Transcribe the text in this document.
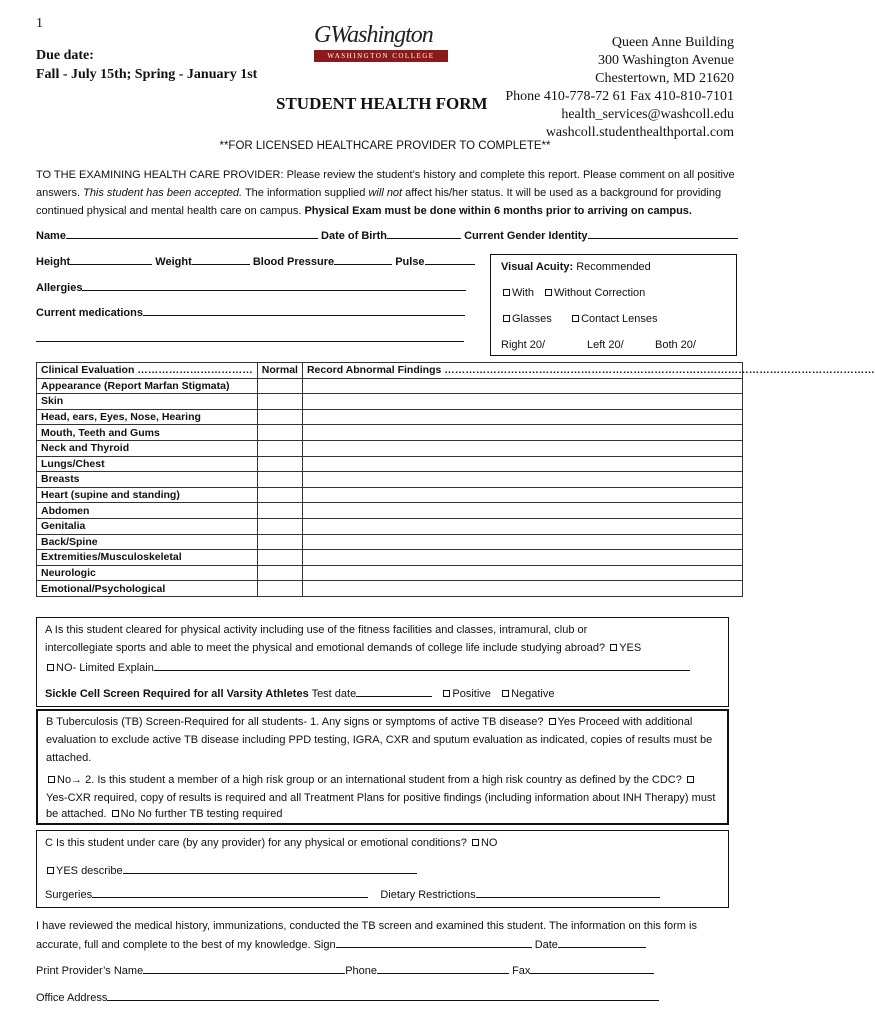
1
Due date:
Fall - July 15th; Spring - January 1st
GWashington
WASHINGTON COLLEGE
STUDENT HEALTH FORM
Queen Anne Building
300 Washington Avenue
Chestertown, MD 21620
Phone 410-778-72 61 Fax 410-810-7101
health_services@washcoll.edu
washcoll.studenthealthportal.com
**FOR LICENSED HEALTHCARE PROVIDER TO COMPLETE**
TO THE EXAMINING HEALTH CARE PROVIDER: Please review the student’s history and complete this report. Please comment on all positive answers. This student has been accepted. The information supplied will not affect his/her status. It will be used as a background for providing continued physical and mental health care on campus. Physical Exam must be done within 6 months prior to arriving on campus.
Name	Date of Birth	Current Gender Identity
Height	Weight	Blood Pressure	Pulse
Allergies
Current medications
Visual Acuity: Recommended
With Without Correction
Glasses	Contact Lenses
Right 20/	Left 20/	Both 20/
Clinical Evaluation ……………………………	Normal	Record Abnormal Findings ……………………………………………………………………………………………………………
Appearance (Report Marfan Stigmata)		
Skin		
Head, ears, Eyes, Nose, Hearing		
Mouth, Teeth and Gums		
Neck and Thyroid		
Lungs/Chest		
Breasts		
Heart (supine and standing)		
Abdomen		
Genitalia		
Back/Spine		
Extremities/Musculoskeletal		
Neurologic		
Emotional/Psychological		
A Is this student cleared for physical activity including use of the fitness facilities and classes, intramural, club or
intercollegiate sports and able to meet the physical and emotional demands of college life include studying abroad? YES
NO- Limited Explain
Sickle Cell Screen Required for all Varsity Athletes Test date	Positive Negative
B Tuberculosis (TB) Screen-Required for all students- 1. Any signs or symptoms of active TB disease? Yes Proceed with additional
evaluation to exclude active TB disease including PPD testing, IGRA, CXR and sputum evaluation as indicated, copies of results must be
attached.
No→ 2. Is this student a member of a high risk group or an international student from a high risk country as defined by the CDC?
Yes-CXR required, copy of results is required and all Treatment Plans for positive findings (including information about INH Therapy) must
be attached. No No further TB testing required
C Is this student under care (by any provider) for any physical or emotional conditions? NO
YES describe
Surgeries	Dietary Restrictions
I have reviewed the medical history, immunizations, conducted the TB screen and examined this student. The information on this form is
accurate, full and complete to the best of my knowledge. Sign	Date
Print Provider’s Name	Phone	Fax
Office Address
